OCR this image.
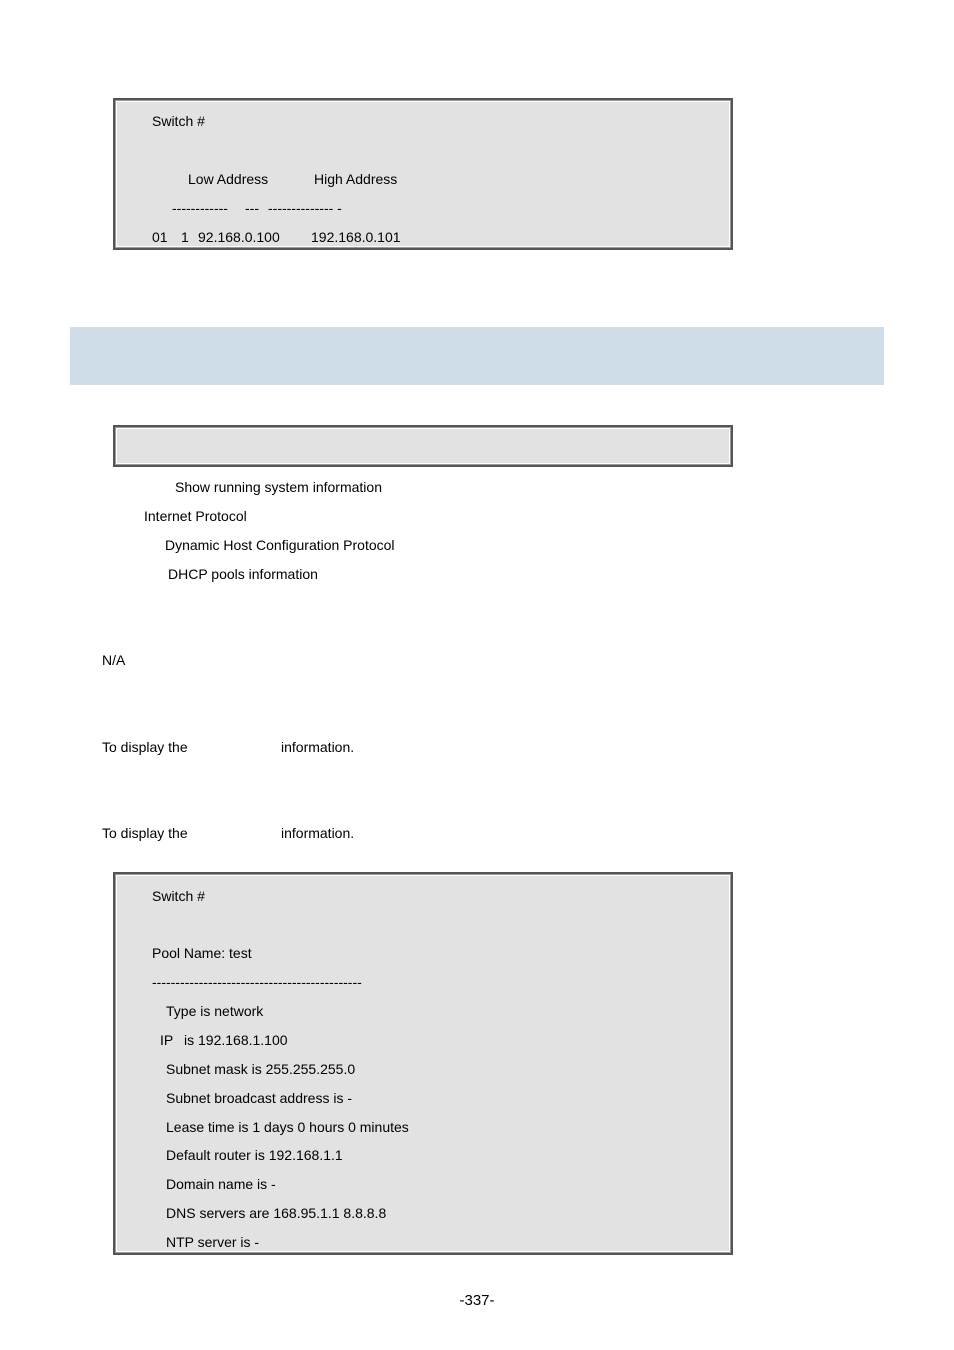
Switch #
Low Address	High Address
------------ --- -------------- -
01 1 92.168.0.100 192.168.0.101
Show running system information
Internet Protocol
Dynamic Host Configuration Protocol
DHCP pools information
N/A
To display the	information.
To display the	information.
Switch #
Pool Name: test
---------------------------------------------
Type is network
IP is 192.168.1.100
Subnet mask is 255.255.255.0
Subnet broadcast address is -
Lease time is 1 days 0 hours 0 minutes
Default router is 192.168.1.1
Domain name is -
DNS servers are 168.95.1.1 8.8.8.8
NTP server is -
-337-
